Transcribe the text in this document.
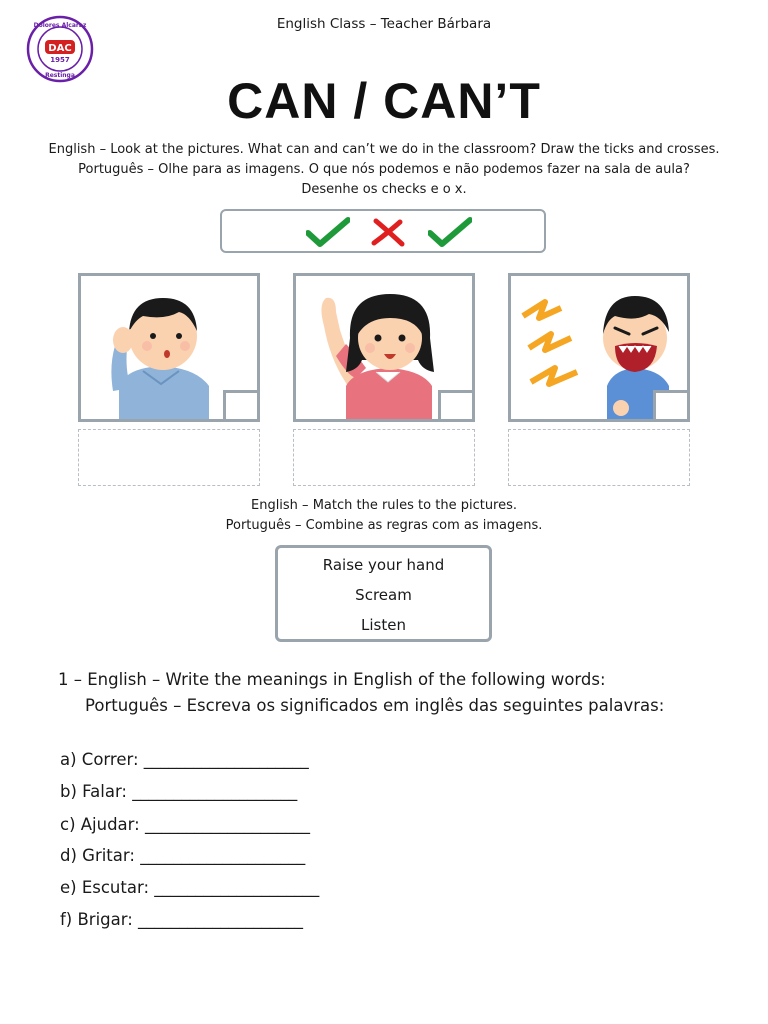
English Class – Teacher Bárbara
Dolores Alcaraz
DAC
1957
Restinga	CAN / CAN’T
English – Look at the pictures. What can and can’t we do in the classroom? Draw the ticks and crosses.
Português – Olhe para as imagens. O que nós podemos e não podemos fazer na sala de aula?
Desenhe os checks e o x.
English – Match the rules to the pictures.
Português – Combine as regras com as imagens.
Raise your hand
Scream
Listen
1 – English – Write the meanings in English of the following words:
Português – Escreva os significados em inglês das seguintes palavras:
a) Correr: ____________________
b) Falar: ____________________
c) Ajudar: ____________________
d) Gritar: ____________________
e) Escutar: ____________________
f) Brigar: ____________________
